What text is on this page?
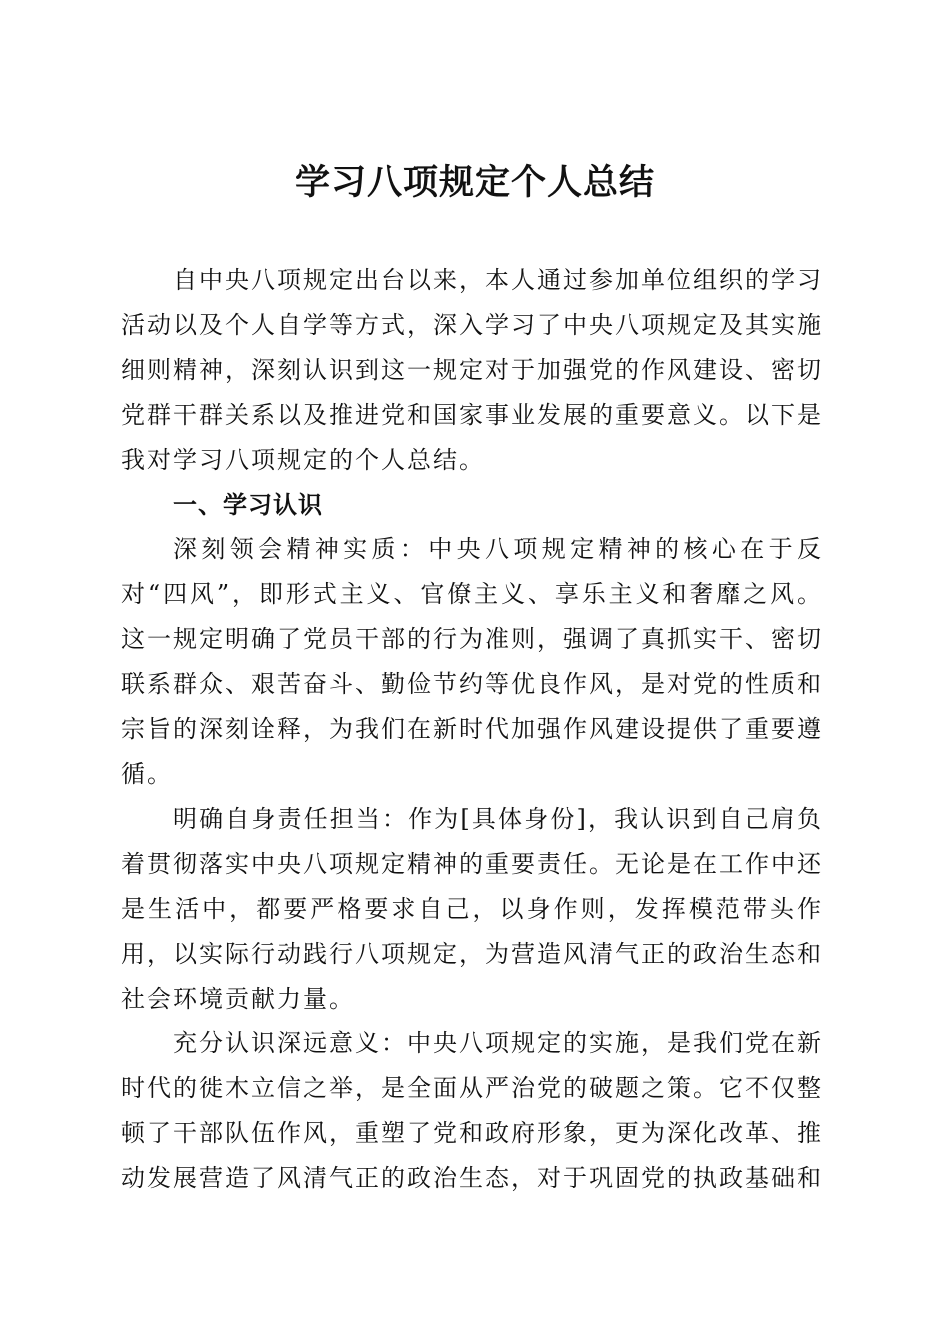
学习八项规定个人总结

自中央八项规定出台以来，本人通过参加单位组织的学习活动以及个人自学等方式，深入学习了中央八项规定及其实施细则精神，深刻认识到这一规定对于加强党的作风建设、密切党群干群关系以及推进党和国家事业发展的重要意义。以下是我对学习八项规定的个人总结。

一、学习认识

深刻领会精神实质：中央八项规定精神的核心在于反对“四风”，即形式主义、官僚主义、享乐主义和奢靡之风。这一规定明确了党员干部的行为准则，强调了真抓实干、密切联系群众、艰苦奋斗、勤俭节约等优良作风，是对党的性质和宗旨的深刻诠释，为我们在新时代加强作风建设提供了重要遵循。

明确自身责任担当：作为[具体身份]，我认识到自己肩负着贯彻落实中央八项规定精神的重要责任。无论是在工作中还是生活中，都要严格要求自己，以身作则，发挥模范带头作用，以实际行动践行八项规定，为营造风清气正的政治生态和社会环境贡献力量。

充分认识深远意义：中央八项规定的实施，是我们党在新时代的徙木立信之举，是全面从严治党的破题之策。它不仅整顿了干部队伍作风，重塑了党和政府形象，更为深化改革、推动发展营造了风清气正的政治生态，对于巩固党的执政基础和
